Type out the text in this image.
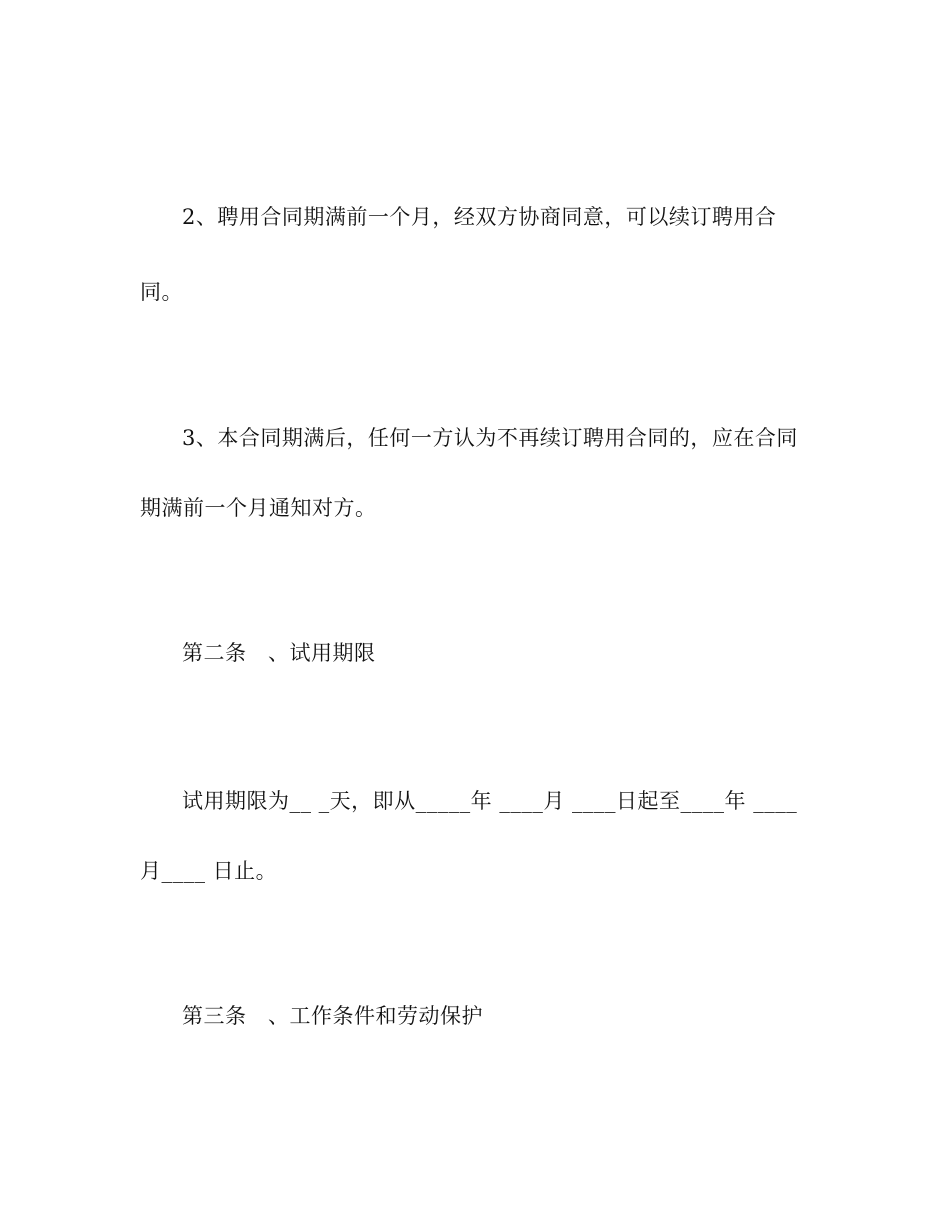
2、聘用合同期满前一个月，经双方协商同意，可以续订聘用合
同。
3、本合同期满后，任何一方认为不再续订聘用合同的，应在合同
期满前一个月通知对方。
第二条　、试用期限
试用期限为__ _天，即从_____年 ____月 ____日起至____年 ____
月____ 日止。
第三条　、工作条件和劳动保护
